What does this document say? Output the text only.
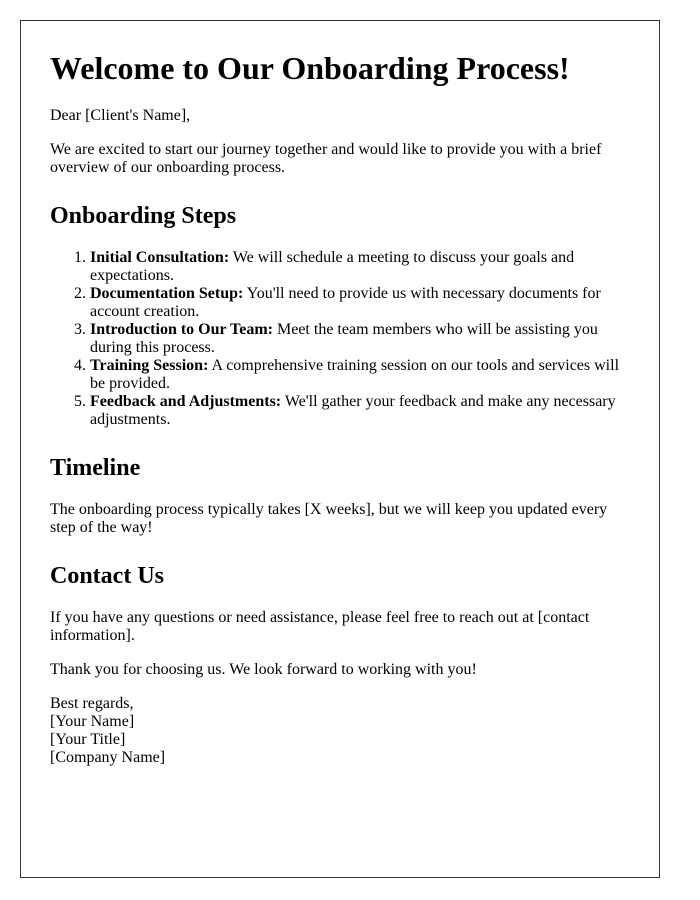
Welcome to Our Onboarding Process!

Dear [Client's Name],

We are excited to start our journey together and would like to provide you with a brief overview of our onboarding process.

Onboarding Steps
1. Initial Consultation: We will schedule a meeting to discuss your goals and expectations.
2. Documentation Setup: You'll need to provide us with necessary documents for account creation.
3. Introduction to Our Team: Meet the team members who will be assisting you during this process.
4. Training Session: A comprehensive training session on our tools and services will be provided.
5. Feedback and Adjustments: We'll gather your feedback and make any necessary adjustments.
Timeline

The onboarding process typically takes [X weeks], but we will keep you updated every step of the way!

Contact Us

If you have any questions or need assistance, please feel free to reach out at [contact information].

Thank you for choosing us. We look forward to working with you!

Best regards,
[Your Name]
[Your Title]
[Company Name]
